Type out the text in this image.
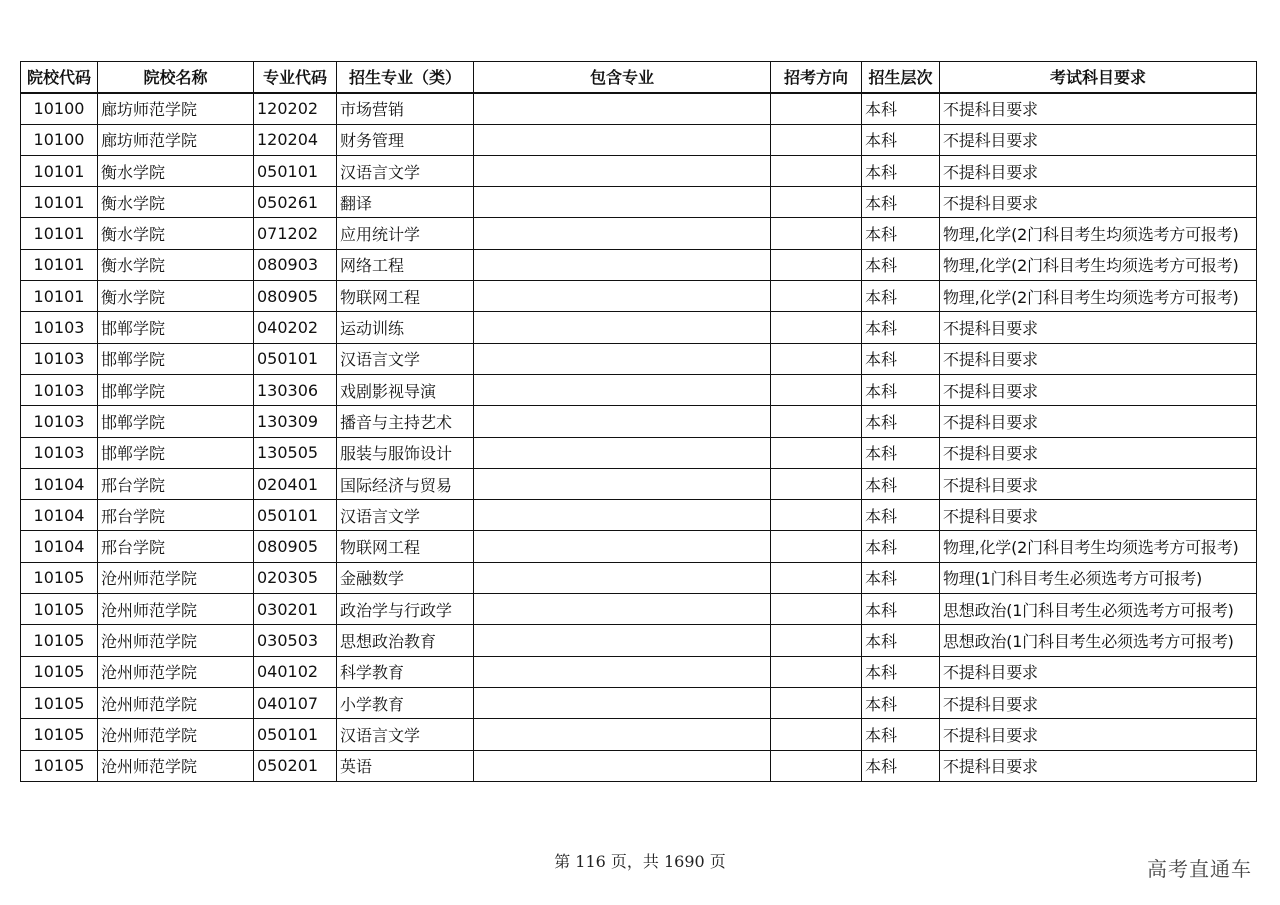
院校代码	院校名称	专业代码	招生专业（类）	包含专业	招考方向	招生层次	考试科目要求
10100	廊坊师范学院	120202	市场营销			本科	不提科目要求
10100	廊坊师范学院	120204	财务管理			本科	不提科目要求
10101	衡水学院	050101	汉语言文学			本科	不提科目要求
10101	衡水学院	050261	翻译			本科	不提科目要求
10101	衡水学院	071202	应用统计学			本科	物理,化学(2门科目考生均须选考方可报考)
10101	衡水学院	080903	网络工程			本科	物理,化学(2门科目考生均须选考方可报考)
10101	衡水学院	080905	物联网工程			本科	物理,化学(2门科目考生均须选考方可报考)
10103	邯郸学院	040202	运动训练			本科	不提科目要求
10103	邯郸学院	050101	汉语言文学			本科	不提科目要求
10103	邯郸学院	130306	戏剧影视导演			本科	不提科目要求
10103	邯郸学院	130309	播音与主持艺术			本科	不提科目要求
10103	邯郸学院	130505	服装与服饰设计			本科	不提科目要求
10104	邢台学院	020401	国际经济与贸易			本科	不提科目要求
10104	邢台学院	050101	汉语言文学			本科	不提科目要求
10104	邢台学院	080905	物联网工程			本科	物理,化学(2门科目考生均须选考方可报考)
10105	沧州师范学院	020305	金融数学			本科	物理(1门科目考生必须选考方可报考)
10105	沧州师范学院	030201	政治学与行政学			本科	思想政治(1门科目考生必须选考方可报考)
10105	沧州师范学院	030503	思想政治教育			本科	思想政治(1门科目考生必须选考方可报考)
10105	沧州师范学院	040102	科学教育			本科	不提科目要求
10105	沧州师范学院	040107	小学教育			本科	不提科目要求
10105	沧州师范学院	050101	汉语言文学			本科	不提科目要求
10105	沧州师范学院	050201	英语			本科	不提科目要求
第 116 页，共 1690 页	高考直通车
